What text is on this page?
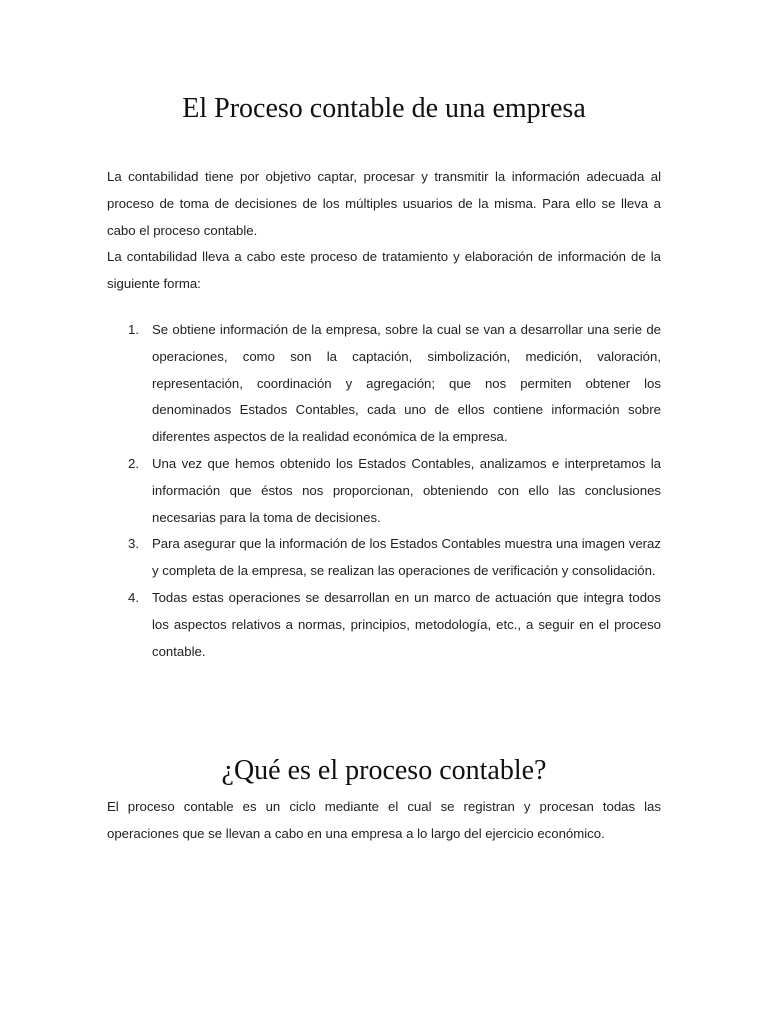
El Proceso contable de una empresa

La contabilidad tiene por objetivo captar, procesar y transmitir la información adecuada al proceso de toma de decisiones de los múltiples usuarios de la misma. Para ello se lleva a cabo el proceso contable.

La contabilidad lleva a cabo este proceso de tratamiento y elaboración de información de la siguiente forma:

1. Se obtiene información de la empresa, sobre la cual se van a desarrollar una serie de operaciones, como son la captación, simbolización, medición, valoración, representación, coordinación y agregación; que nos permiten obtener los denominados Estados Contables, cada uno de ellos contiene información sobre diferentes aspectos de la realidad económica de la empresa.
2. Una vez que hemos obtenido los Estados Contables, analizamos e interpretamos la información que éstos nos proporcionan, obteniendo con ello las conclusiones necesarias para la toma de decisiones.
3. Para asegurar que la información de los Estados Contables muestra una imagen veraz y completa de la empresa, se realizan las operaciones de verificación y consolidación.
4. Todas estas operaciones se desarrollan en un marco de actuación que integra todos los aspectos relativos a normas, principios, metodología, etc., a seguir en el proceso contable.
¿Qué es el proceso contable?

El proceso contable es un ciclo mediante el cual se registran y procesan todas las operaciones que se llevan a cabo en una empresa a lo largo del ejercicio económico.
